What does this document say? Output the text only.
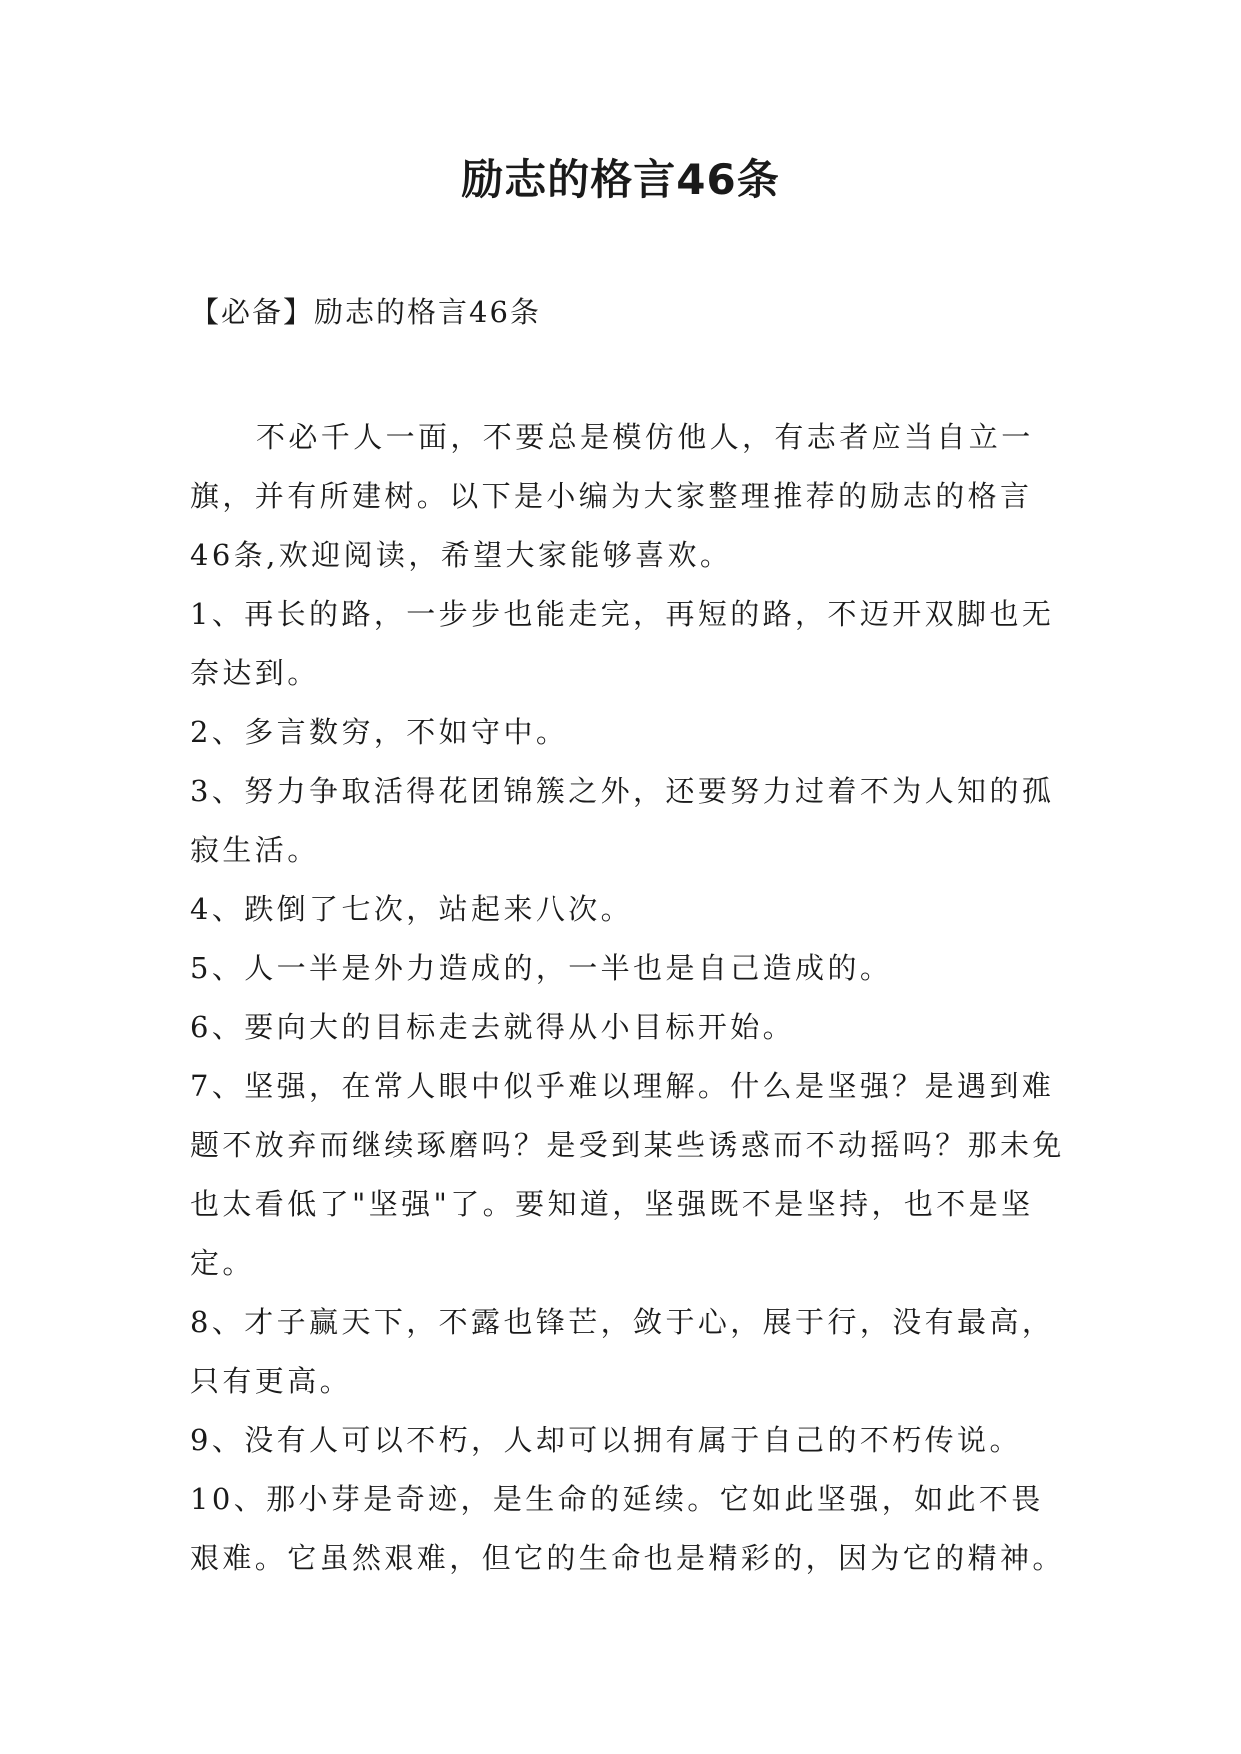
励志的格言46条
【必备】励志的格言46条

不必千人一面，不要总是模仿他人，有志者应当自立一旗，并有所建树。以下是小编为大家整理推荐的励志的格言46条,欢迎阅读，希望大家能够喜欢。

1、再长的路，一步步也能走完，再短的路，不迈开双脚也无奈达到。

2、多言数穷，不如守中。

3、努力争取活得花团锦簇之外，还要努力过着不为人知的孤寂生活。

4、跌倒了七次，站起来八次。

5、人一半是外力造成的，一半也是自己造成的。

6、要向大的目标走去就得从小目标开始。

7、坚强，在常人眼中似乎难以理解。什么是坚强？是遇到难题不放弃而继续琢磨吗？是受到某些诱惑而不动摇吗？那未免也太看低了"坚强"了。要知道，坚强既不是坚持，也不是坚定。

8、才子赢天下，不露也锋芒，敛于心，展于行，没有最高，只有更高。

9、没有人可以不朽，人却可以拥有属于自己的不朽传说。

10、那小芽是奇迹，是生命的延续。它如此坚强，如此不畏艰难。它虽然艰难，但它的生命也是精彩的，因为它的精神。
